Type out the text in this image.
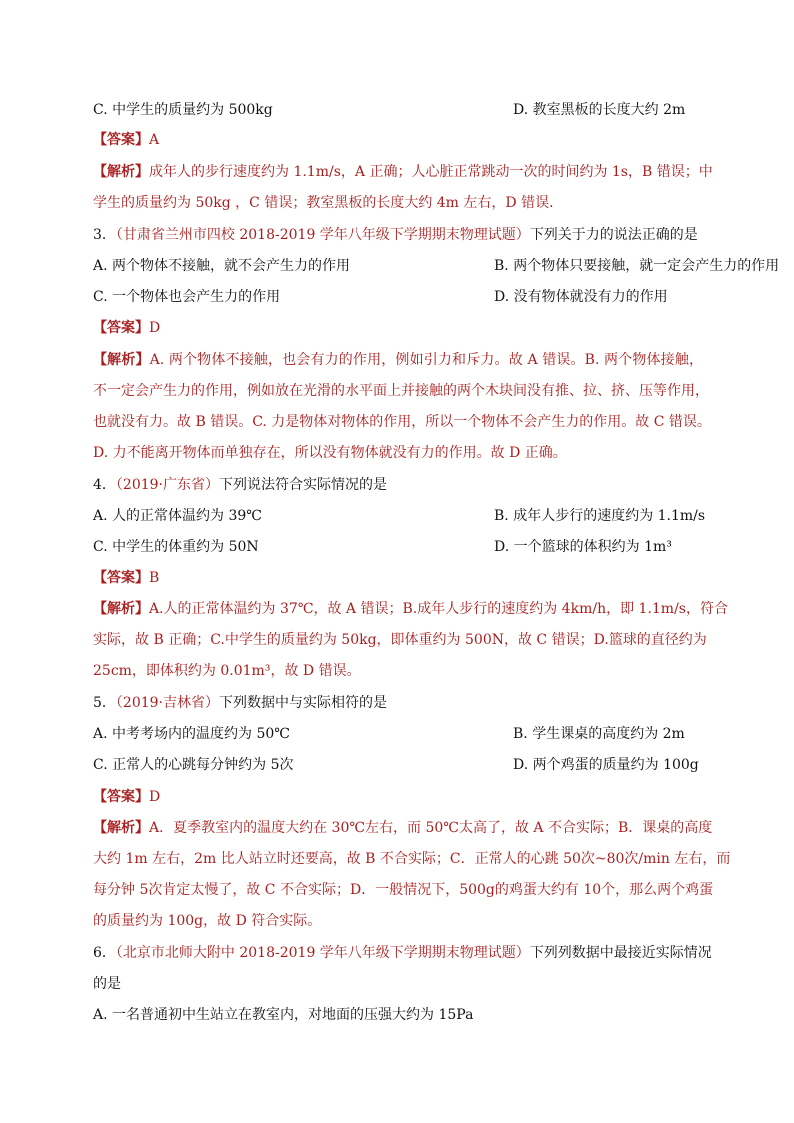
C. 中学生的质量约为 500kg	D. 教室黑板的长度大约 2m
【答案】A
【解析】成年人的步行速度约为 1.1m/s，A 正确；人心脏正常跳动一次的时间约为 1s，B 错误；中
学生的质量约为 50kg ，C 错误；教室黑板的长度大约 4m 左右，D 错误．
3．（甘肃省兰州市四校 2018-2019 学年八年级下学期期末物理试题）下列关于力的说法正确的是
A. 两个物体不接触，就不会产生力的作用	B. 两个物体只要接触，就一定会产生力的作用
C. 一个物体也会产生力的作用	D. 没有物体就没有力的作用
【答案】D
【解析】A. 两个物体不接触，也会有力的作用，例如引力和斥力。故 A 错误。B. 两个物体接触，
不一定会产生力的作用，例如放在光滑的水平面上并接触的两个木块间没有推、拉、挤、压等作用，
也就没有力。故 B 错误。C. 力是物体对物体的作用，所以一个物体不会产生力的作用。故 C 错误。
D. 力不能离开物体而单独存在，所以没有物体就没有力的作用。故 D 正确。
4．（2019·广东省）下列说法符合实际情况的是
A. 人的正常体温约为 39℃	B. 成年人步行的速度约为 1.1m/s
C. 中学生的体重约为 50N	D. 一个篮球的体积约为 1m³
【答案】B
【解析】A.人的正常体温约为 37℃，故 A 错误；B.成年人步行的速度约为 4km/h，即 1.1m/s，符合
实际，故 B 正确；C.中学生的质量约为 50kg，即体重约为 500N，故 C 错误；D.篮球的直径约为
25cm，即体积约为 0.01m³，故 D 错误。
5．（2019·吉林省）下列数据中与实际相符的是
A. 中考考场内的温度约为 50℃	B. 学生课桌的高度约为 2m
C. 正常人的心跳每分钟约为 5次	D. 两个鸡蛋的质量约为 100g
【答案】D
【解析】A．夏季教室内的温度大约在 30℃左右，而 50℃太高了，故 A 不合实际；B．课桌的高度
大约 1m 左右，2m 比人站立时还要高，故 B 不合实际；C．正常人的心跳 50次~80次/min 左右，而
每分钟 5次肯定太慢了，故 C 不合实际；D．一般情况下，500g的鸡蛋大约有 10个，那么两个鸡蛋
的质量约为 100g，故 D 符合实际。
6．（北京市北师大附中 2018-2019 学年八年级下学期期末物理试题）下列列数据中最接近实际情况
的是
A. 一名普通初中生站立在教室内，对地面的压强大约为 15Pa
